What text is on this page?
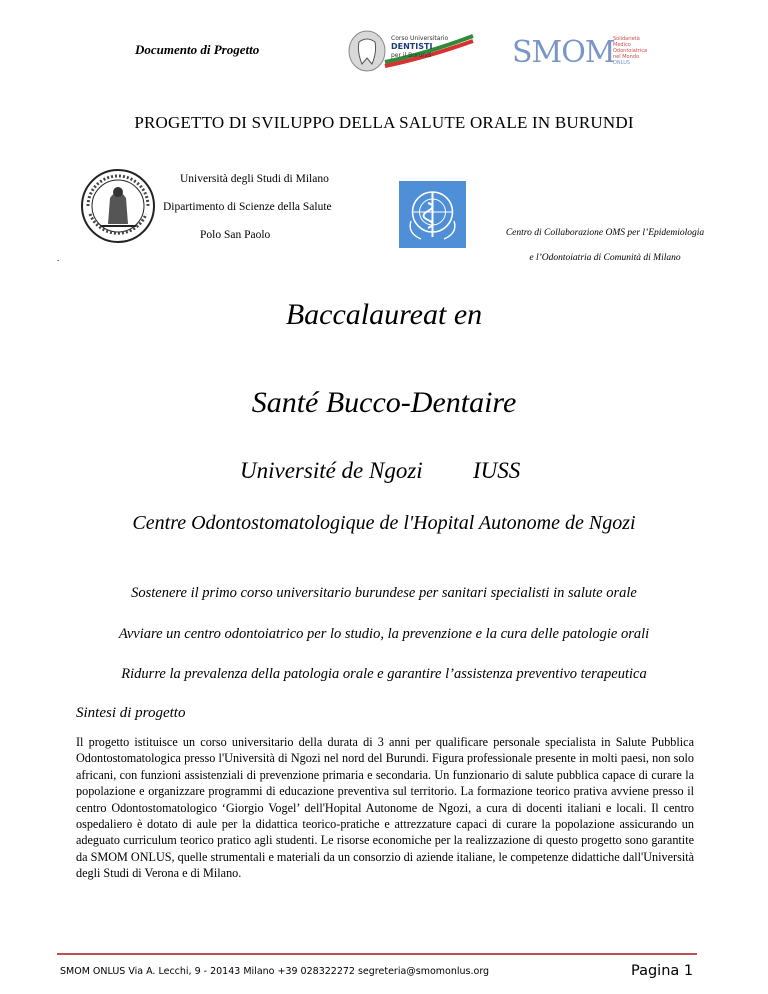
Documento di Progetto
Corso Universitario
DENTISTI
per il Burundi	SMOM
Solidarietà
Medico
Odontoiatrica
nel Mondo
ONLUS
PROGETTO DI SVILUPPO DELLA SALUTE ORALE IN BURUNDI
Università degli Studi di Milano
Dipartimento di Scienze della Salute
Polo San Paolo	Centro di Collaborazione OMS per l’Epidemiologia
e l’Odontoiatria di Comunità di Milano
.
Baccalaureat en
Santé Bucco-Dentaire
Université de Ngozi IUSS
Centre Odontostomatologique de l'Hopital Autonome de Ngozi
Sostenere il primo corso universitario burundese per sanitari specialisti in salute orale
Avviare un centro odontoiatrico per lo studio, la prevenzione e la cura delle patologie orali
Ridurre la prevalenza della patologia orale e garantire l’assistenza preventivo terapeutica
Sintesi di progetto
Il progetto istituisce un corso universitario della durata di 3 anni per qualificare personale specialista in Salute Pubblica Odontostomatologica presso l'Università di Ngozi nel nord del Burundi. Figura professionale presente in molti paesi, non solo africani, con funzioni assistenziali di prevenzione primaria e secondaria. Un funzionario di salute pubblica capace di curare la popolazione e organizzare programmi di educazione preventiva sul territorio. La formazione teorico prativa avviene presso il centro Odontostomatologico ‘Giorgio Vogel’ dell'Hopital Autonome de Ngozi, a cura di docenti italiani e locali. Il centro ospedaliero è dotato di aule per la didattica teorico-pratiche e attrezzature capaci di curare la popolazione assicurando un adeguato curriculum teorico pratico agli studenti. Le risorse economiche per la realizzazione di questo progetto sono garantite da SMOM ONLUS, quelle strumentali e materiali da un consorzio di aziende italiane, le competenze didattiche dall'Università degli Studi di Verona e di Milano.
SMOM ONLUS Via A. Lecchi, 9 - 20143 Milano +39 028322272 segreteria@smomonlus.org	Pagina 1
